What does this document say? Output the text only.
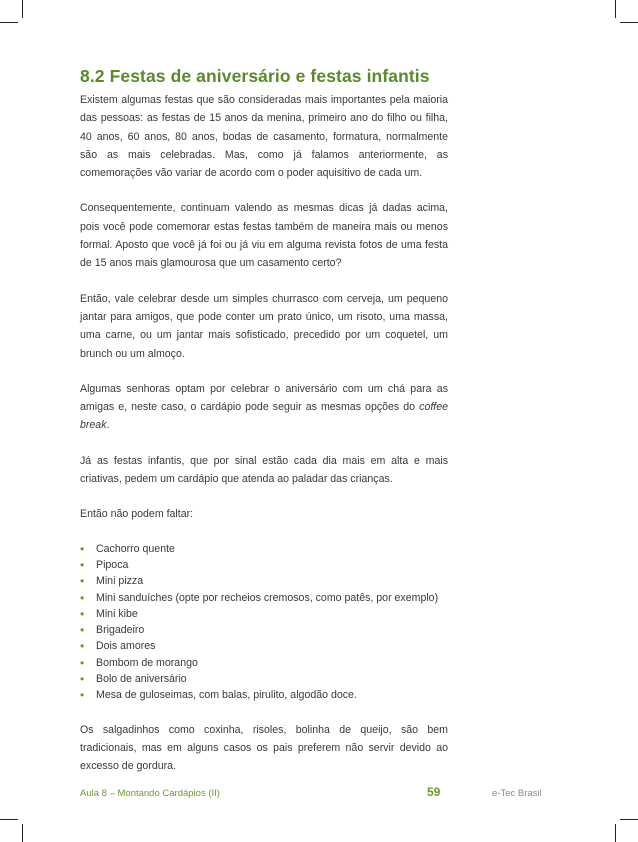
8.2 Festas de aniversário e festas infantis

Existem algumas festas que são consideradas mais importantes pela maioria das pessoas: as festas de 15 anos da menina, primeiro ano do filho ou filha, 40 anos, 60 anos, 80 anos, bodas de casamento, formatura, normalmente são as mais celebradas. Mas, como já falamos anteriormente, as comemorações vão variar de acordo com o poder aquisitivo de cada um.

Consequentemente, continuam valendo as mesmas dicas já dadas acima, pois você pode comemorar estas festas também de maneira mais ou menos formal. Aposto que você já foi ou já viu em alguma revista fotos de uma festa de 15 anos mais glamourosa que um casamento certo?

Então, vale celebrar desde um simples churrasco com cerveja, um pequeno jantar para amigos, que pode conter um prato único, um risoto, uma massa, uma carne, ou um jantar mais sofisticado, precedido por um coquetel, um brunch ou um almoço.

Algumas senhoras optam por celebrar o aniversário com um chá para as amigas e, neste caso, o cardápio pode seguir as mesmas opções do coffee break.

Já as festas infantis, que por sinal estão cada dia mais em alta e mais criativas, pedem um cardápio que atenda ao paladar das crianças.

Então não podem faltar:

• Cachorro quente
• Pipoca
• Mini pizza
• Mini sanduíches (opte por recheios cremosos, como patês, por exemplo)
• Mini kibe
• Brigadeiro
• Dois amores
• Bombom de morango
• Bolo de aniversário
• Mesa de guloseimas, com balas, pirulito, algodão doce.

Os salgadinhos como coxinha, risoles, bolinha de queijo, são bem tradicionais, mas em alguns casos os pais preferem não servir devido ao excesso de gordura.

Aula 8 – Montando Cardápios (II)	59	e-Tec Brasil
